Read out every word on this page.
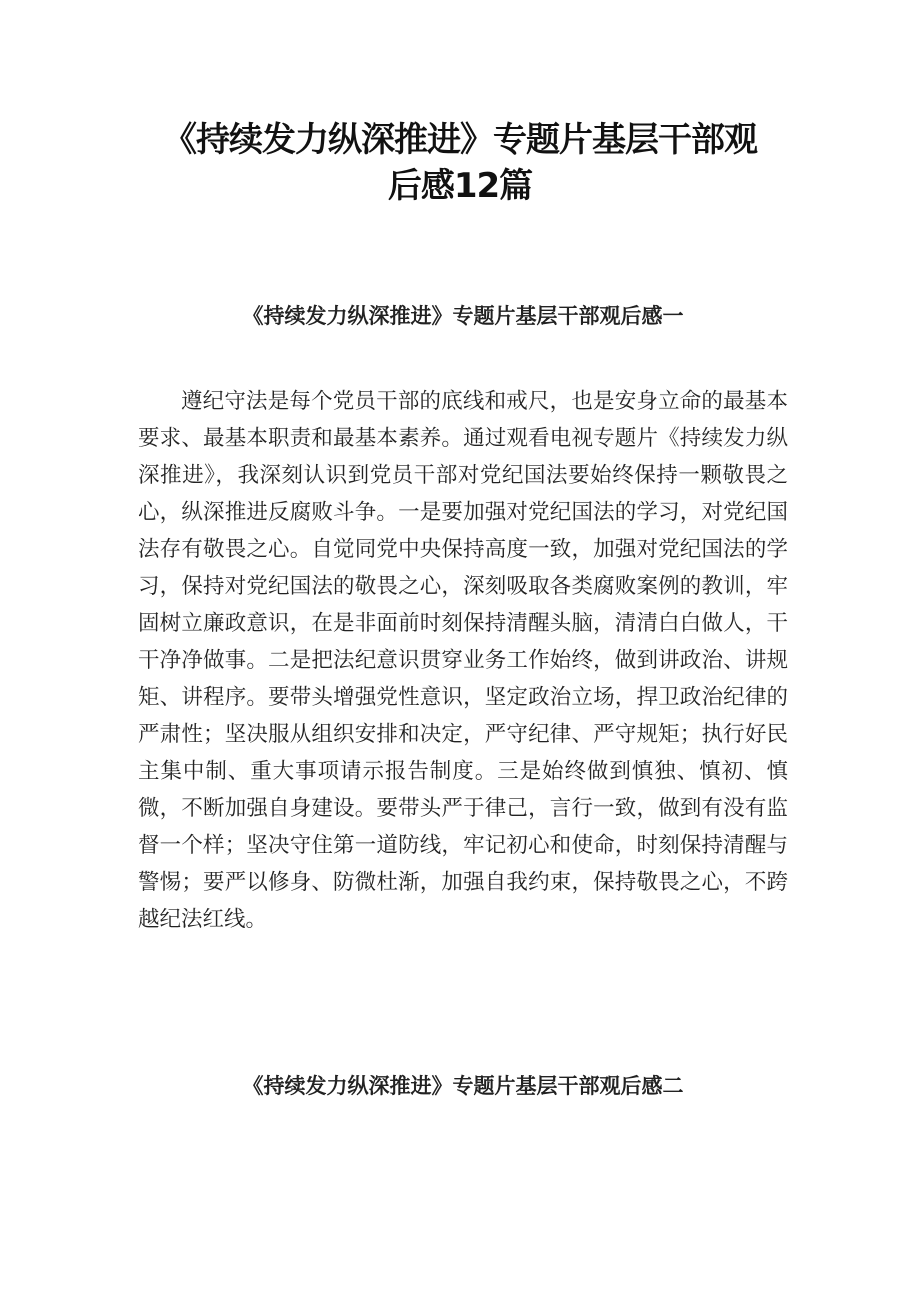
《持续发力纵深推进》专题片基层干部观
后感12篇
《持续发力纵深推进》专题片基层干部观后感一

遵纪守法是每个党员干部的底线和戒尺，也是安身立命的最基本要求、最基本职责和最基本素养。通过观看电视专题片《持续发力纵深推进》，我深刻认识到党员干部对党纪国法要始终保持一颗敬畏之心，纵深推进反腐败斗争。一是要加强对党纪国法的学习，对党纪国法存有敬畏之心。自觉同党中央保持高度一致，加强对党纪国法的学习，保持对党纪国法的敬畏之心，深刻吸取各类腐败案例的教训，牢固树立廉政意识，在是非面前时刻保持清醒头脑，清清白白做人，干干净净做事。二是把法纪意识贯穿业务工作始终，做到讲政治、讲规矩、讲程序。要带头增强党性意识，坚定政治立场，捍卫政治纪律的严肃性；坚决服从组织安排和决定，严守纪律、严守规矩；执行好民主集中制、重大事项请示报告制度。三是始终做到慎独、慎初、慎微，不断加强自身建设。要带头严于律己，言行一致，做到有没有监督一个样；坚决守住第一道防线，牢记初心和使命，时刻保持清醒与警惕；要严以修身、防微杜渐，加强自我约束，保持敬畏之心，不跨越纪法红线。

《持续发力纵深推进》专题片基层干部观后感二
